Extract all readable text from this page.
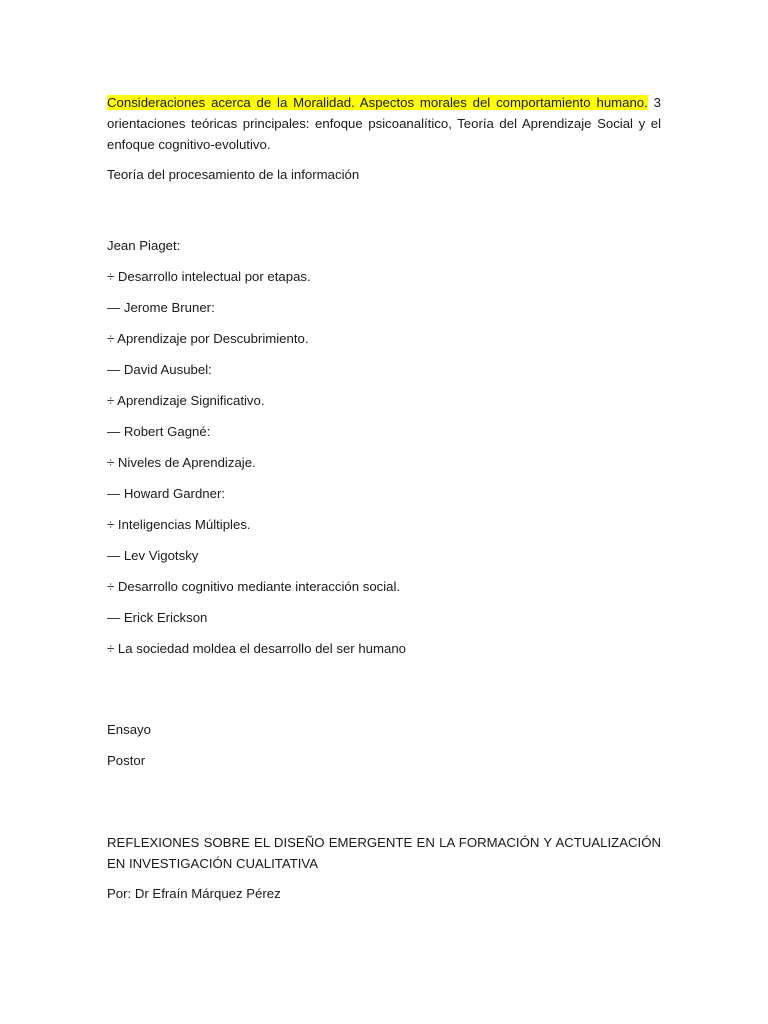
Consideraciones acerca de la Moralidad. Aspectos morales del comportamiento humano. 3 orientaciones teóricas principales: enfoque psicoanalítico, Teoría del Aprendizaje Social y el enfoque cognitivo-evolutivo.

Teoría del procesamiento de la información

Jean Piaget:

÷ Desarrollo intelectual por etapas.

— Jerome Bruner:

÷ Aprendizaje por Descubrimiento.

— David Ausubel:

÷ Aprendizaje Significativo.

— Robert Gagné:

÷ Niveles de Aprendizaje.

— Howard Gardner:

÷ Inteligencias Múltiples.

— Lev Vigotsky

÷ Desarrollo cognitivo mediante interacción social.

— Erick Erickson

÷ La sociedad moldea el desarrollo del ser humano

Ensayo

Postor

REFLEXIONES SOBRE EL DISEÑO EMERGENTE EN LA FORMACIÓN Y ACTUALIZACIÓN EN INVESTIGACIÓN CUALITATIVA

Por: Dr Efraín Márquez Pérez
